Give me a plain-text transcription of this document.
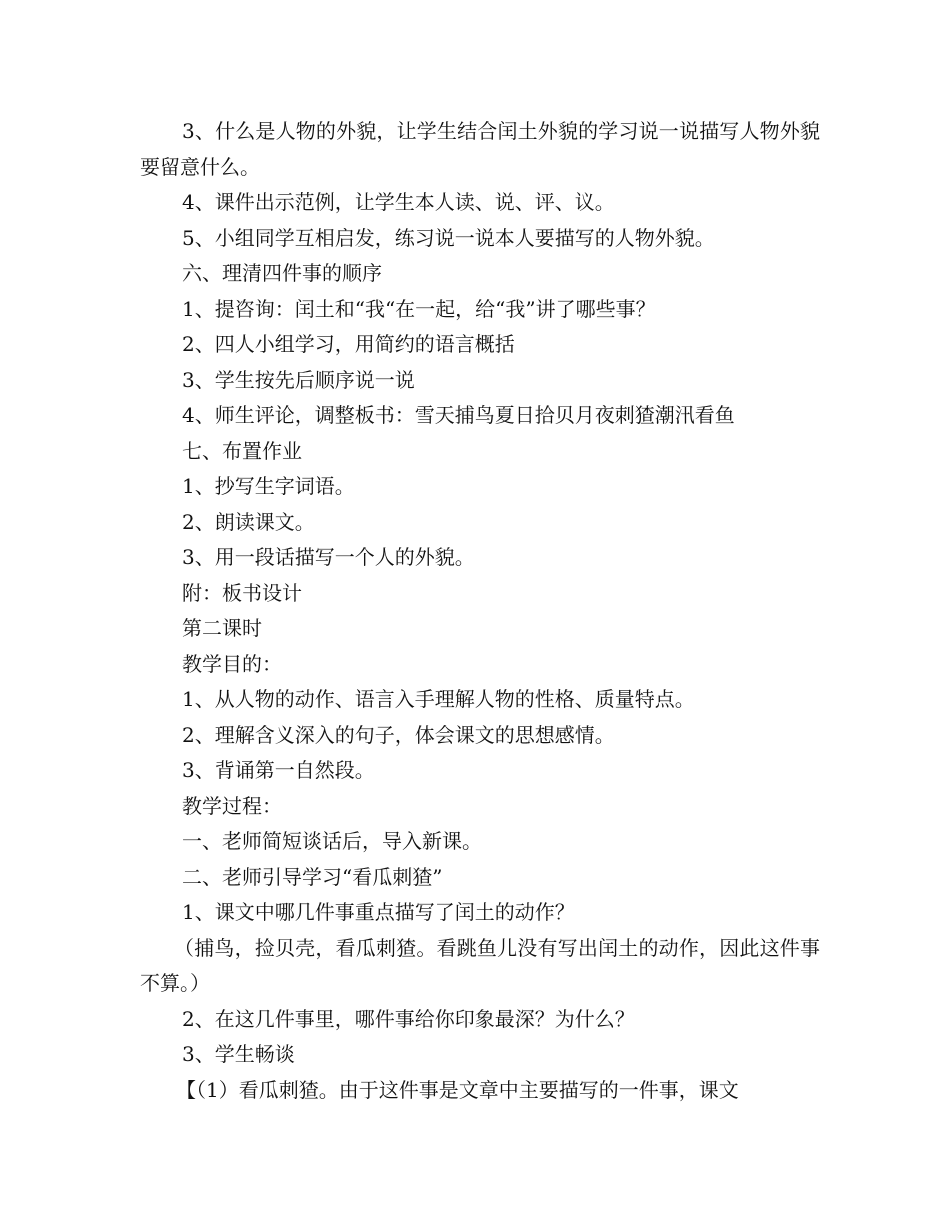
3、什么是人物的外貌，让学生结合闰土外貌的学习说一说描写人物外貌要留意什么。

4、课件出示范例，让学生本人读、说、评、议。

5、小组同学互相启发，练习说一说本人要描写的人物外貌。

六、理清四件事的顺序

1、提咨询：闰土和“我“在一起，给“我”讲了哪些事？

2、四人小组学习，用简约的语言概括

3、学生按先后顺序说一说

4、师生评论，调整板书：雪天捕鸟夏日拾贝月夜刺猹潮汛看鱼

七、布置作业

1、抄写生字词语。

2、朗读课文。

3、用一段话描写一个人的外貌。

附：板书设计

第二课时

教学目的：

1、从人物的动作、语言入手理解人物的性格、质量特点。

2、理解含义深入的句子，体会课文的思想感情。

3、背诵第一自然段。

教学过程：

一、老师简短谈话后，导入新课。

二、老师引导学习“看瓜刺猹”

1、课文中哪几件事重点描写了闰土的动作？

（捕鸟，捡贝壳，看瓜刺猹。看跳鱼儿没有写出闰土的动作，因此这件事不算。）

2、在这几件事里，哪件事给你印象最深？为什么？

3、学生畅谈

【（1）看瓜刺猹。由于这件事是文章中主要描写的一件事，课文
